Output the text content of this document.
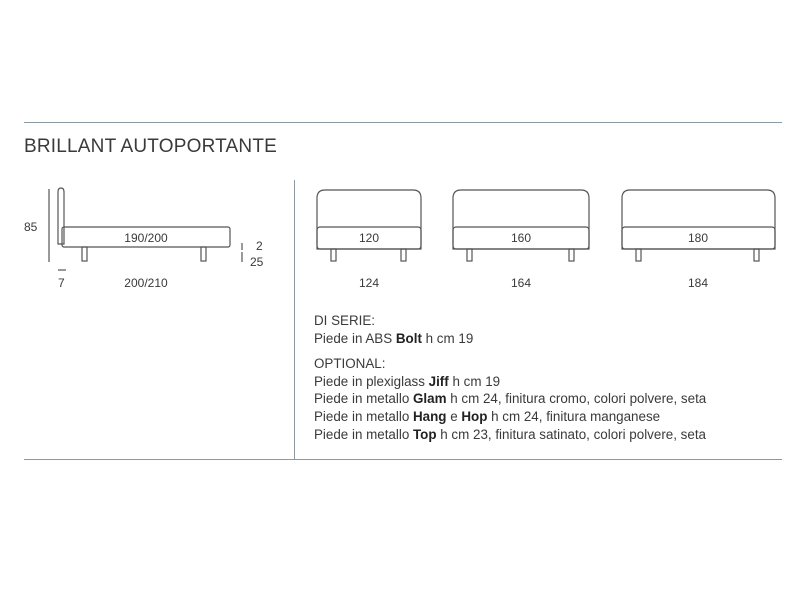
BRILLANT AUTOPORTANTE
85
190/200
200/210
7
2
25
120
124
160
164
180
184
DI SERIE:
Piede in ABS Bolt h cm 19
OPTIONAL:
Piede in plexiglass Jiff h cm 19
Piede in metallo Glam h cm 24, finitura cromo, colori polvere, seta
Piede in metallo Hang e Hop h cm 24, finitura manganese
Piede in metallo Top h cm 23, finitura satinato, colori polvere, seta
